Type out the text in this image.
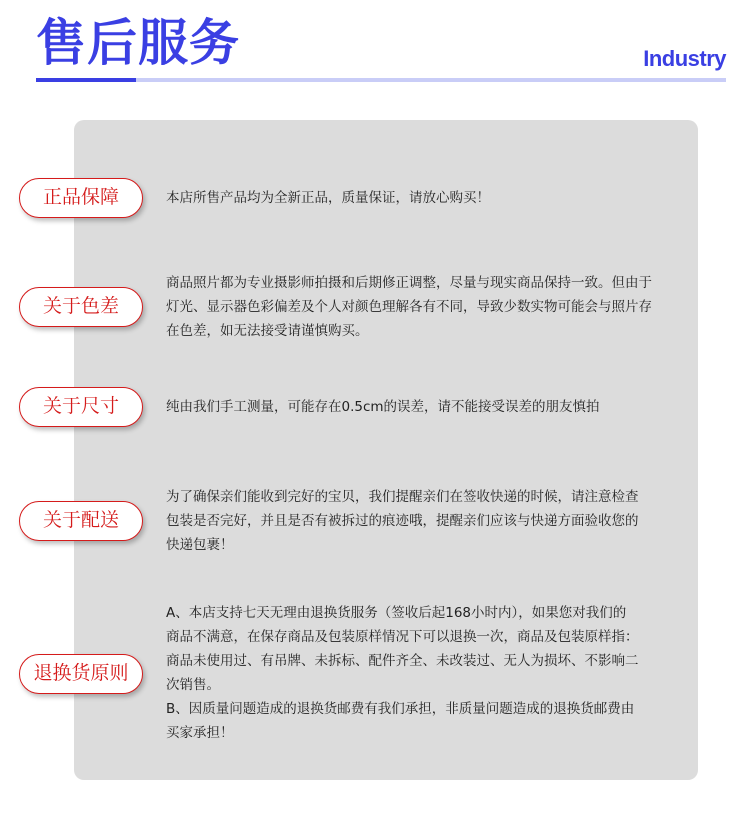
售后服务	Industry
正品保障	本店所售产品均为全新正品，质量保证，请放心购买！
关于色差
商品照片都为专业摄影师拍摄和后期修正调整，尽量与现实商品保持一致。但由于
灯光、显示器色彩偏差及个人对颜色理解各有不同，导致少数实物可能会与照片存
在色差，如无法接受请谨慎购买。
关于尺寸	纯由我们手工测量，可能存在0.5cm的误差，请不能接受误差的朋友慎拍
关于配送
为了确保亲们能收到完好的宝贝，我们提醒亲们在签收快递的时候，请注意检查
包装是否完好，并且是否有被拆过的痕迹哦，提醒亲们应该与快递方面验收您的
快递包裹！
退换货原则
A、本店支持七天无理由退换货服务（签收后起168小时内），如果您对我们的
商品不满意，在保存商品及包装原样情况下可以退换一次，商品及包装原样指：
商品未使用过、有吊牌、未拆标、配件齐全、未改装过、无人为损坏、不影响二
次销售。
B、因质量问题造成的退换货邮费有我们承担，非质量问题造成的退换货邮费由
买家承担！
